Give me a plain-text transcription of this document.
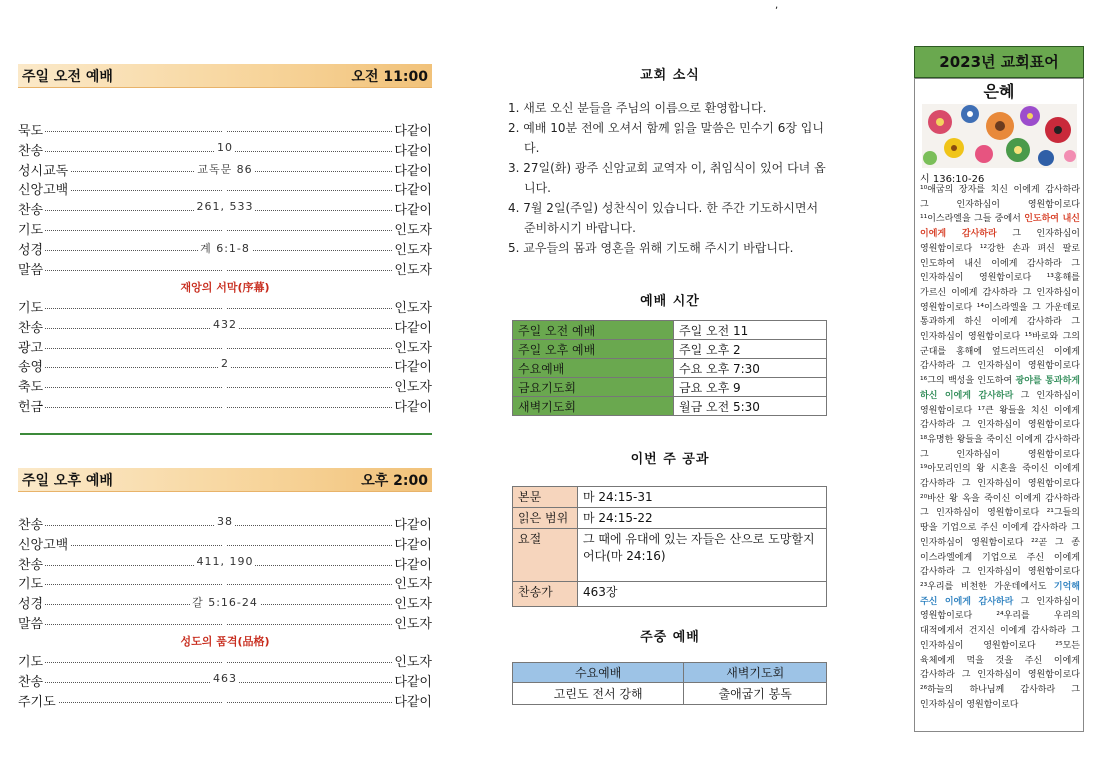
,
주일 오전 예배	오전 11:00
묵도	다같이
찬송	10	다같이
성시교독	교독문 86	다같이
신앙고백	다같이
찬송	261, 533	다같이
기도	인도자
성경	계 6:1-8	인도자
말씀	인도자
재앙의 서막(序幕)
기도	인도자
찬송	432	다같이
광고	인도자
송영	2	다같이
축도	인도자
헌금	다같이
주일 오후 예배	오후 2:00
찬송	38	다같이
신앙고백	다같이
찬송	411, 190	다같이
기도	인도자
성경	갈 5:16-24	인도자
말씀	인도자
성도의 품격(品格)
기도	인도자
찬송	463	다같이
주기도	다같이
교회 소식
1. 새로 오신 분들을 주님의 이름으로 환영합니다.
2. 예배 10분 전에 오셔서 함께 읽을 말씀은 민수기 6장 입니다.
3. 27일(화) 광주 신암교회 교역자 이, 취임식이 있어 다녀 옵니다.
4. 7월 2일(주일) 성찬식이 있습니다. 한 주간 기도하시면서 준비하시기 바랍니다.
5. 교우들의 몸과 영혼을 위해 기도해 주시기 바랍니다.
예배 시간
주일 오전 예배	주일 오전 11
주일 오후 예배	주일 오후 2
수요예배	수요 오후 7:30
금요기도회	금요 오후 9
새벽기도회	월금 오전 5:30
이번 주 공과
본문	마 24:15-31
읽은 범위	마 24:15-22
요절	그 때에 유대에 있는 자들은 산으로 도망할지어다(마 24:16)
찬송가	463장
주중 예배
수요예배	새벽기도회
고린도 전서 강해	출애굽기 봉독
2023년 교회표어
은혜
시 136:10-26
¹⁰애굽의 장자를 치신 이에게 감사하라 그 인자하심이 영원함이로다 ¹¹이스라엘을 그들 중에서 인도하여 내신 이에게 감사하라 그 인자하심이 영원함이로다 ¹²강한 손과 펴신 팔로 인도하여 내신 이에게 감사하라 그 인자하심이 영원함이로다 ¹³홍해를 가르신 이에게 감사하라 그 인자하심이 영원함이로다 ¹⁴이스라엘을 그 가운데로 통과하게 하신 이에게 감사하라 그 인자하심이 영원함이로다 ¹⁵바로와 그의 군대를 홍해에 엎드러뜨리신 이에게 감사하라 그 인자하심이 영원함이로다 ¹⁶그의 백성을 인도하여 광야를 통과하게 하신 이에게 감사하라 그 인자하심이 영원함이로다 ¹⁷큰 왕들을 치신 이에게 감사하라 그 인자하심이 영원함이로다 ¹⁸유명한 왕들을 죽이신 이에게 감사하라 그 인자하심이 영원함이로다 ¹⁹아모리인의 왕 시혼을 죽이신 이에게 감사하라 그 인자하심이 영원함이로다 ²⁰바산 왕 옥을 죽이신 이에게 감사하라 그 인자하심이 영원함이로다 ²¹그들의 땅을 기업으로 주신 이에게 감사하라 그 인자하심이 영원함이로다 ²²곧 그 종 이스라엘에게 기업으로 주신 이에게 감사하라 그 인자하심이 영원함이로다 ²³우리를 비천한 가운데에서도 기억해 주신 이에게 감사하라 그 인자하심이 영원함이로다 ²⁴우리를 우리의 대적에게서 건지신 이에게 감사하라 그 인자하심이 영원함이로다 ²⁵모든 육체에게 먹을 것을 주신 이에게 감사하라 그 인자하심이 영원함이로다 ²⁶하늘의 하나님께 감사하라 그 인자하심이 영원함이로다
